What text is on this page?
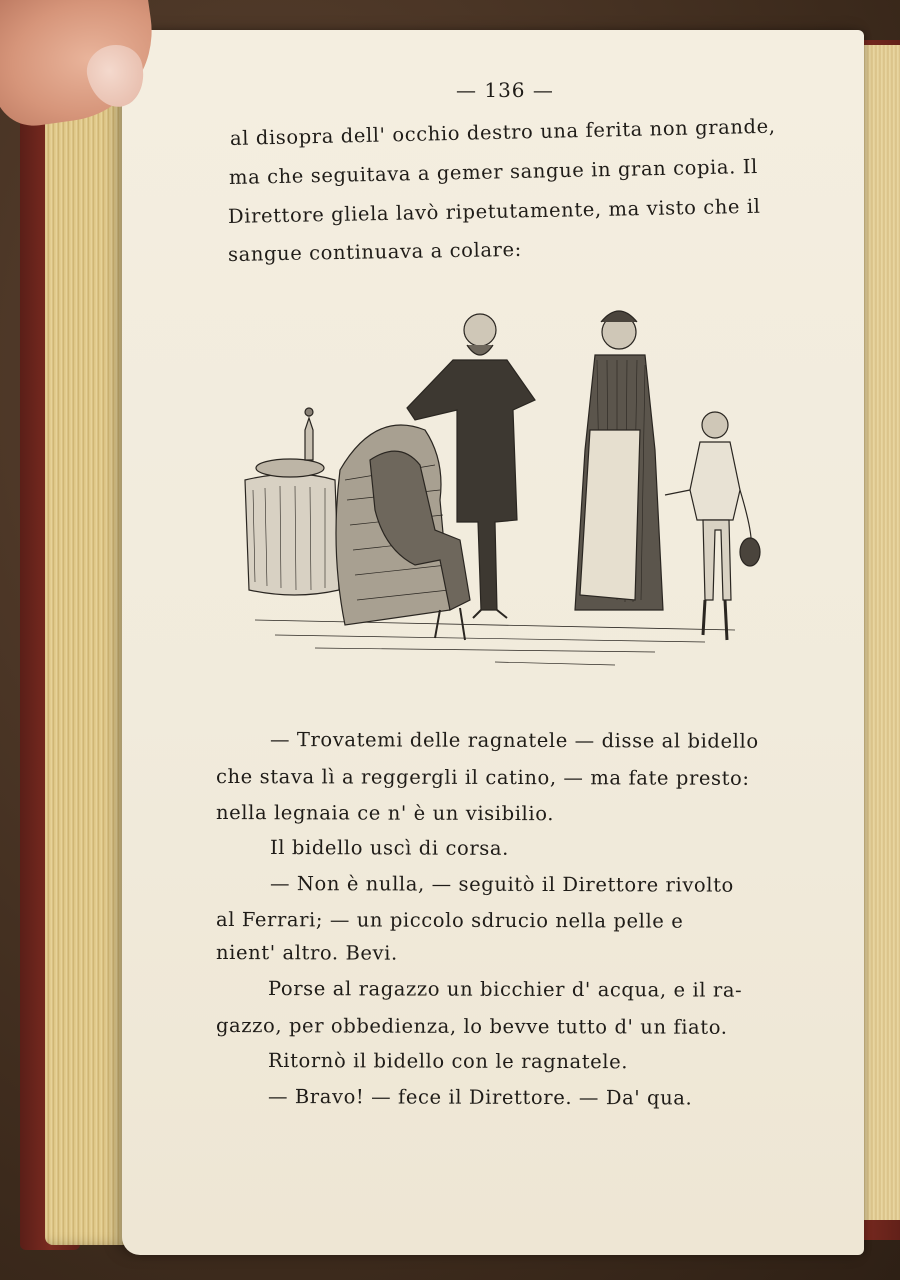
— 136 —
al disopra dell' occhio destro una ferita non grande,
ma che seguitava a gemer sangue in gran copia. Il
Direttore gliela lavò ripetutamente, ma visto che il
sangue continuava a colare:
— Trovatemi delle ragnatele — disse al bidello
che stava lì a reggergli il catino, — ma fate presto:
nella legnaia ce n' è un visibilio.
Il bidello uscì di corsa.
— Non è nulla, — seguitò il Direttore rivolto
al Ferrari; — un piccolo sdrucio nella pelle e
nient' altro. Bevi.
Porse al ragazzo un bicchier d' acqua, e il ra-
gazzo, per obbedienza, lo bevve tutto d' un fiato.
Ritornò il bidello con le ragnatele.
— Bravo! — fece il Direttore. — Da' qua.
